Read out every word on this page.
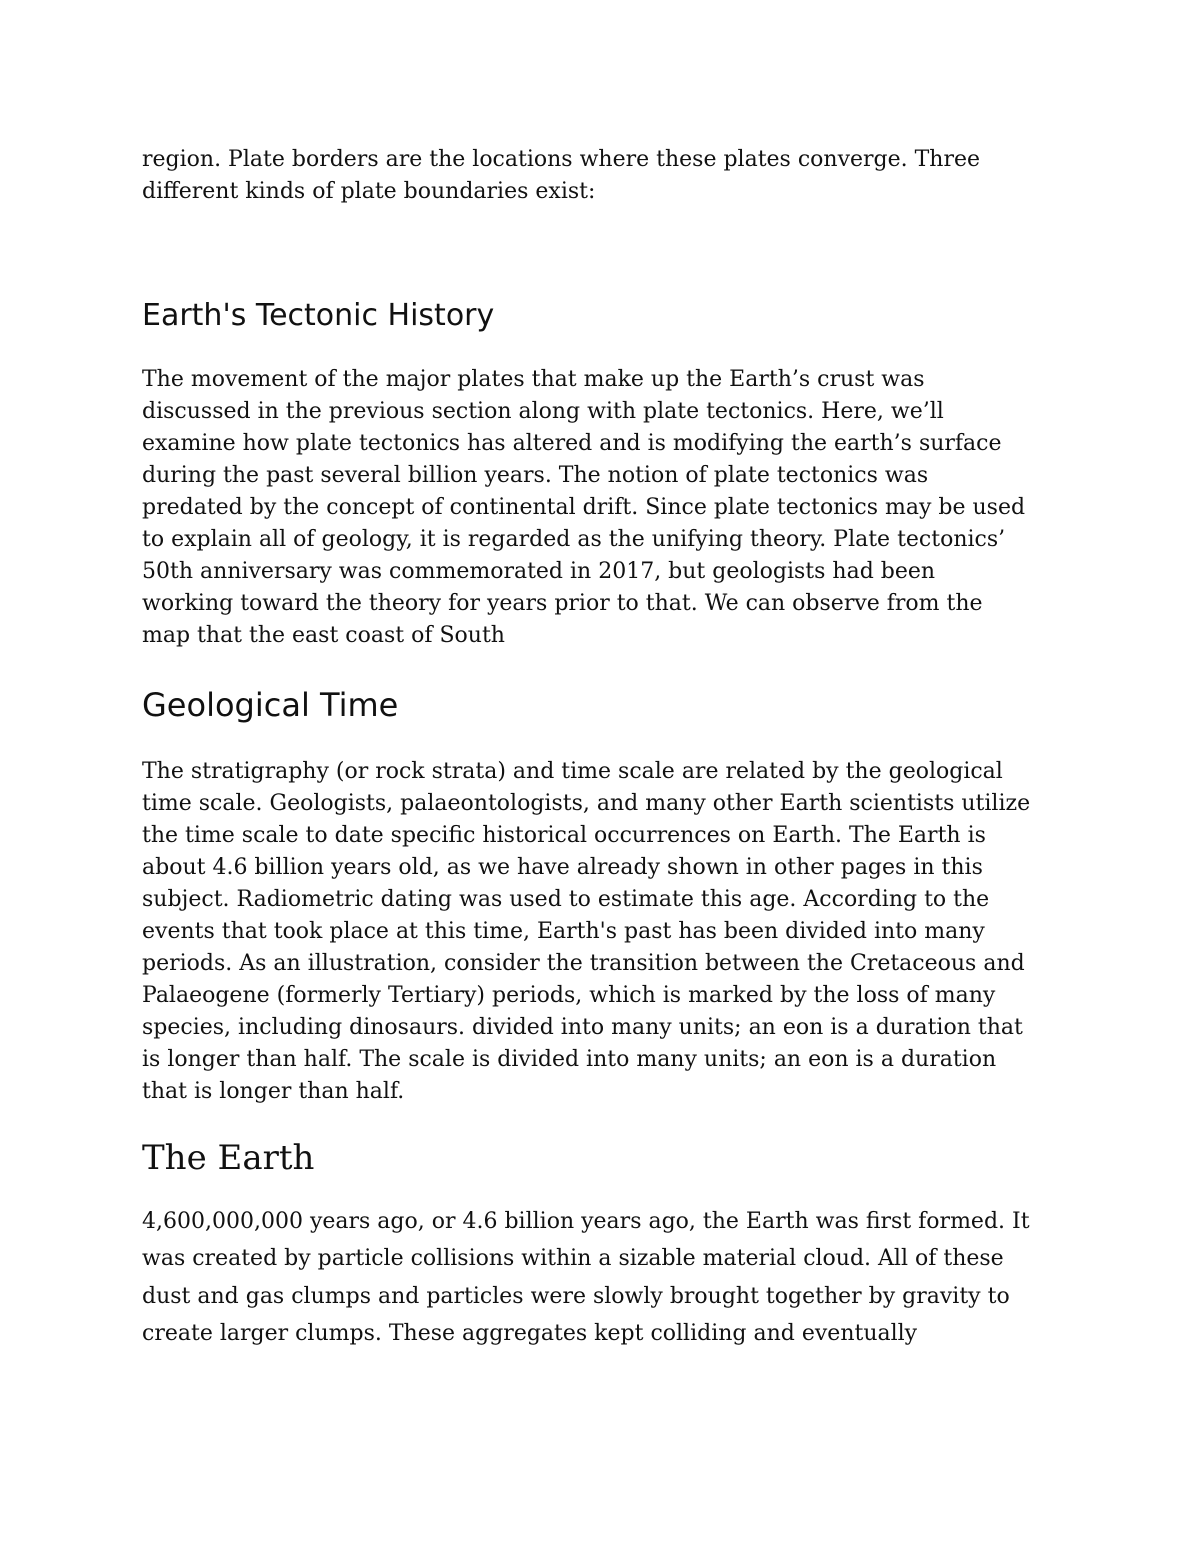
region. Plate borders are the locations where these plates converge. Three
different kinds of plate boundaries exist:
Earth's Tectonic History
The movement of the major plates that make up the Earth’s crust was
discussed in the previous section along with plate tectonics. Here, we’ll
examine how plate tectonics has altered and is modifying the earth’s surface
during the past several billion years. The notion of plate tectonics was
predated by the concept of continental drift. Since plate tectonics may be used
to explain all of geology, it is regarded as the unifying theory. Plate tectonics’
50th anniversary was commemorated in 2017, but geologists had been
working toward the theory for years prior to that. We can observe from the
map that the east coast of South
Geological Time
The stratigraphy (or rock strata) and time scale are related by the geological
time scale. Geologists, palaeontologists, and many other Earth scientists utilize
the time scale to date specific historical occurrences on Earth. The Earth is
about 4.6 billion years old, as we have already shown in other pages in this
subject. Radiometric dating was used to estimate this age. According to the
events that took place at this time, Earth's past has been divided into many
periods. As an illustration, consider the transition between the Cretaceous and
Palaeogene (formerly Tertiary) periods, which is marked by the loss of many
species, including dinosaurs. divided into many units; an eon is a duration that
is longer than half. The scale is divided into many units; an eon is a duration
that is longer than half.
The Earth
4,600,000,000 years ago, or 4.6 billion years ago, the Earth was first formed. It
was created by particle collisions within a sizable material cloud. All of these
dust and gas clumps and particles were slowly brought together by gravity to
create larger clumps. These aggregates kept colliding and eventually
